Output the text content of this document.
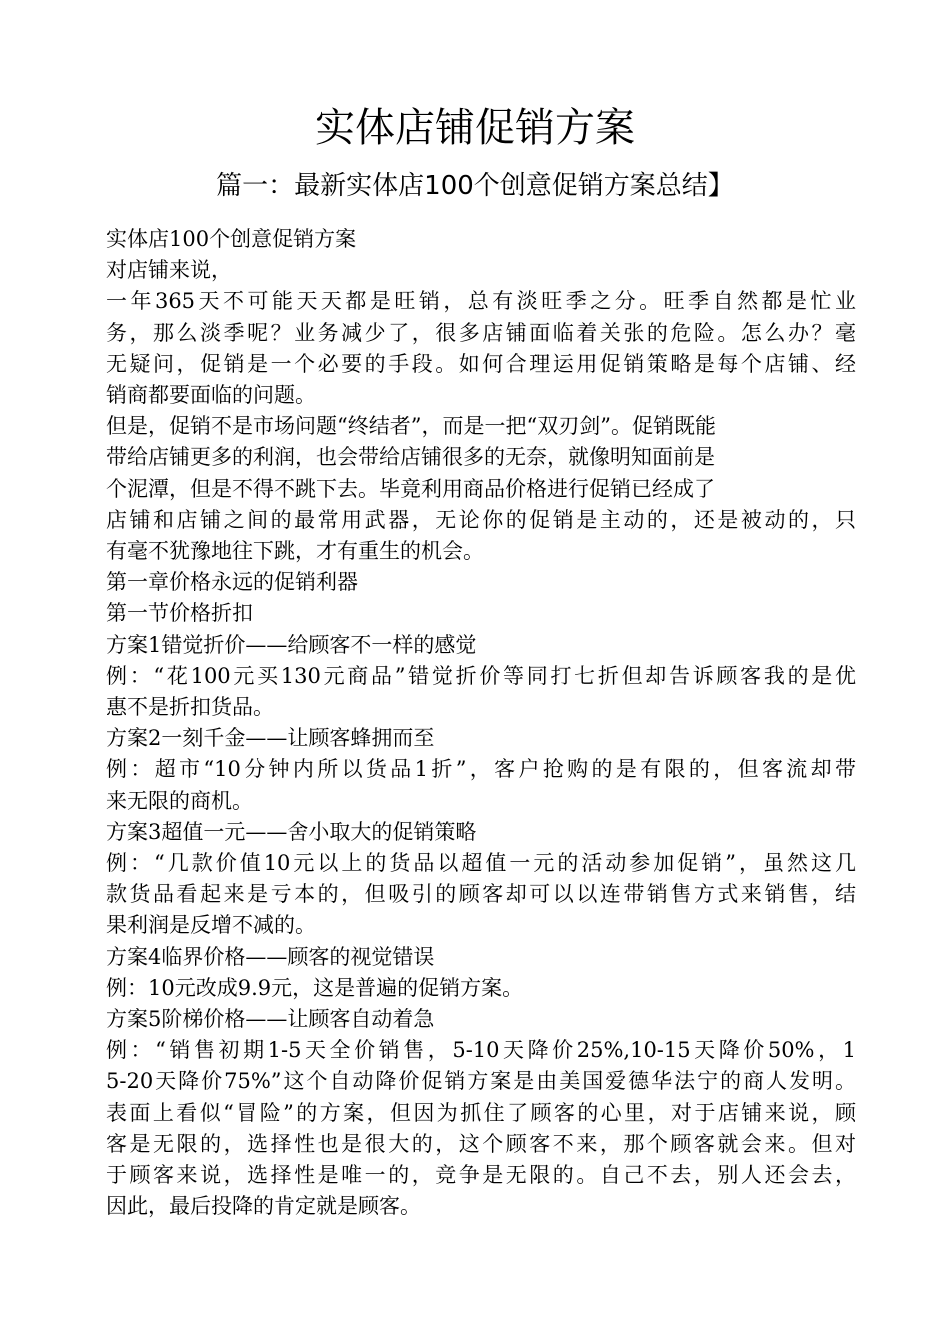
实体店铺促销方案
篇一：最新实体店100个创意促销方案总结】
实体店100个创意促销方案
对店铺来说，
一年365天不可能天天都是旺销，总有淡旺季之分。旺季自然都是忙业
务，那么淡季呢？业务减少了，很多店铺面临着关张的危险。怎么办？毫
无疑问，促销是一个必要的手段。如何合理运用促销策略是每个店铺、经
销商都要面临的问题。
但是，促销不是市场问题“终结者”，而是一把“双刃剑”。促销既能
带给店铺更多的利润，也会带给店铺很多的无奈，就像明知面前是
个泥潭，但是不得不跳下去。毕竟利用商品价格进行促销已经成了
店铺和店铺之间的最常用武器，无论你的促销是主动的，还是被动的，只
有毫不犹豫地往下跳，才有重生的机会。
第一章价格永远的促销利器
第一节价格折扣
方案1错觉折价——给顾客不一样的感觉
例：“花100元买130元商品”错觉折价等同打七折但却告诉顾客我的是优
惠不是折扣货品。
方案2一刻千金——让顾客蜂拥而至
例：超市“10分钟内所以货品1折”，客户抢购的是有限的，但客流却带
来无限的商机。
方案3超值一元——舍小取大的促销策略
例：“几款价值10元以上的货品以超值一元的活动参加促销”，虽然这几
款货品看起来是亏本的，但吸引的顾客却可以以连带销售方式来销售，结
果利润是反增不减的。
方案4临界价格——顾客的视觉错误
例：10元改成9.9元，这是普遍的促销方案。
方案5阶梯价格——让顾客自动着急
例：“销售初期1-5天全价销售，5-10天降价25%,10-15天降价50%，1
5-20天降价75%”这个自动降价促销方案是由美国爱德华法宁的商人发明。
表面上看似“冒险”的方案，但因为抓住了顾客的心里，对于店铺来说，顾
客是无限的，选择性也是很大的，这个顾客不来，那个顾客就会来。但对
于顾客来说，选择性是唯一的，竞争是无限的。自己不去，别人还会去，
因此，最后投降的肯定就是顾客。
